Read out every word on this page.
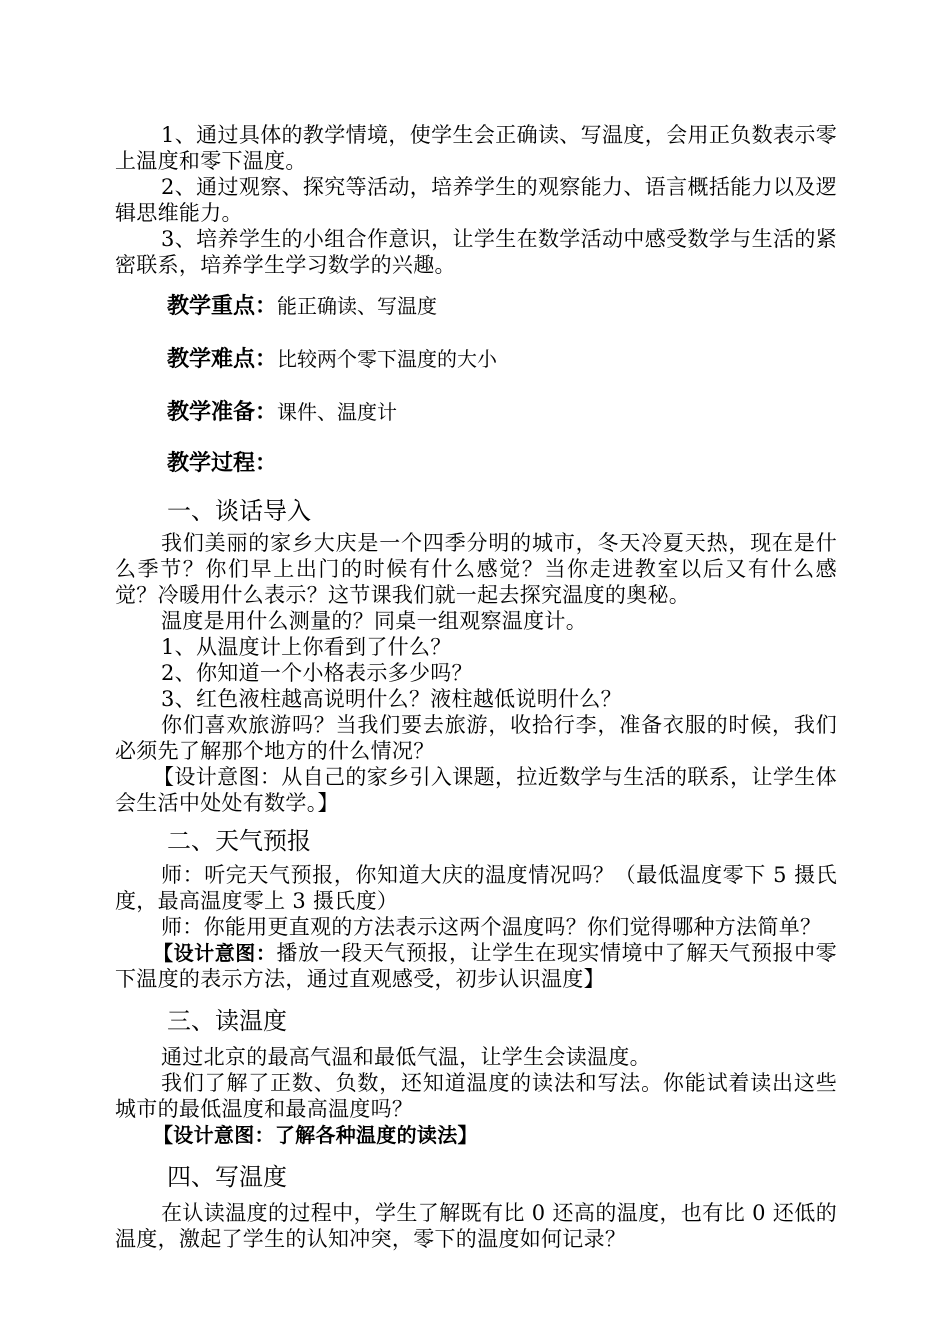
1、通过具体的教学情境，使学生会正确读、写温度，会用正负数表示零上温度和零下温度。

2、通过观察、探究等活动，培养学生的观察能力、语言概括能力以及逻辑思维能力。

3、培养学生的小组合作意识，让学生在数学活动中感受数学与生活的紧密联系，培养学生学习数学的兴趣。

教学重点：能正确读、写温度

教学难点：比较两个零下温度的大小

教学准备：课件、温度计

教学过程：

一、谈话导入

我们美丽的家乡大庆是一个四季分明的城市，冬天冷夏天热，现在是什么季节？你们早上出门的时候有什么感觉？当你走进教室以后又有什么感觉？冷暖用什么表示？这节课我们就一起去探究温度的奥秘。

温度是用什么测量的？同桌一组观察温度计。

1、从温度计上你看到了什么？

2、你知道一个小格表示多少吗？

3、红色液柱越高说明什么？液柱越低说明什么？

你们喜欢旅游吗？当我们要去旅游，收拾行李，准备衣服的时候，我们必须先了解那个地方的什么情况？

【设计意图：从自己的家乡引入课题，拉近数学与生活的联系，让学生体会生活中处处有数学。】

二、天气预报

师：听完天气预报，你知道大庆的温度情况吗？（最低温度零下 5 摄氏度，最高温度零上 3 摄氏度）

师：你能用更直观的方法表示这两个温度吗？你们觉得哪种方法简单？

【设计意图：播放一段天气预报，让学生在现实情境中了解天气预报中零下温度的表示方法，通过直观感受，初步认识温度】

三、读温度

通过北京的最高气温和最低气温，让学生会读温度。

我们了解了正数、负数，还知道温度的读法和写法。你能试着读出这些城市的最低温度和最高温度吗？

【设计意图：了解各种温度的读法】

四、写温度

在认读温度的过程中，学生了解既有比 0 还高的温度，也有比 0 还低的温度，激起了学生的认知冲突，零下的温度如何记录？
